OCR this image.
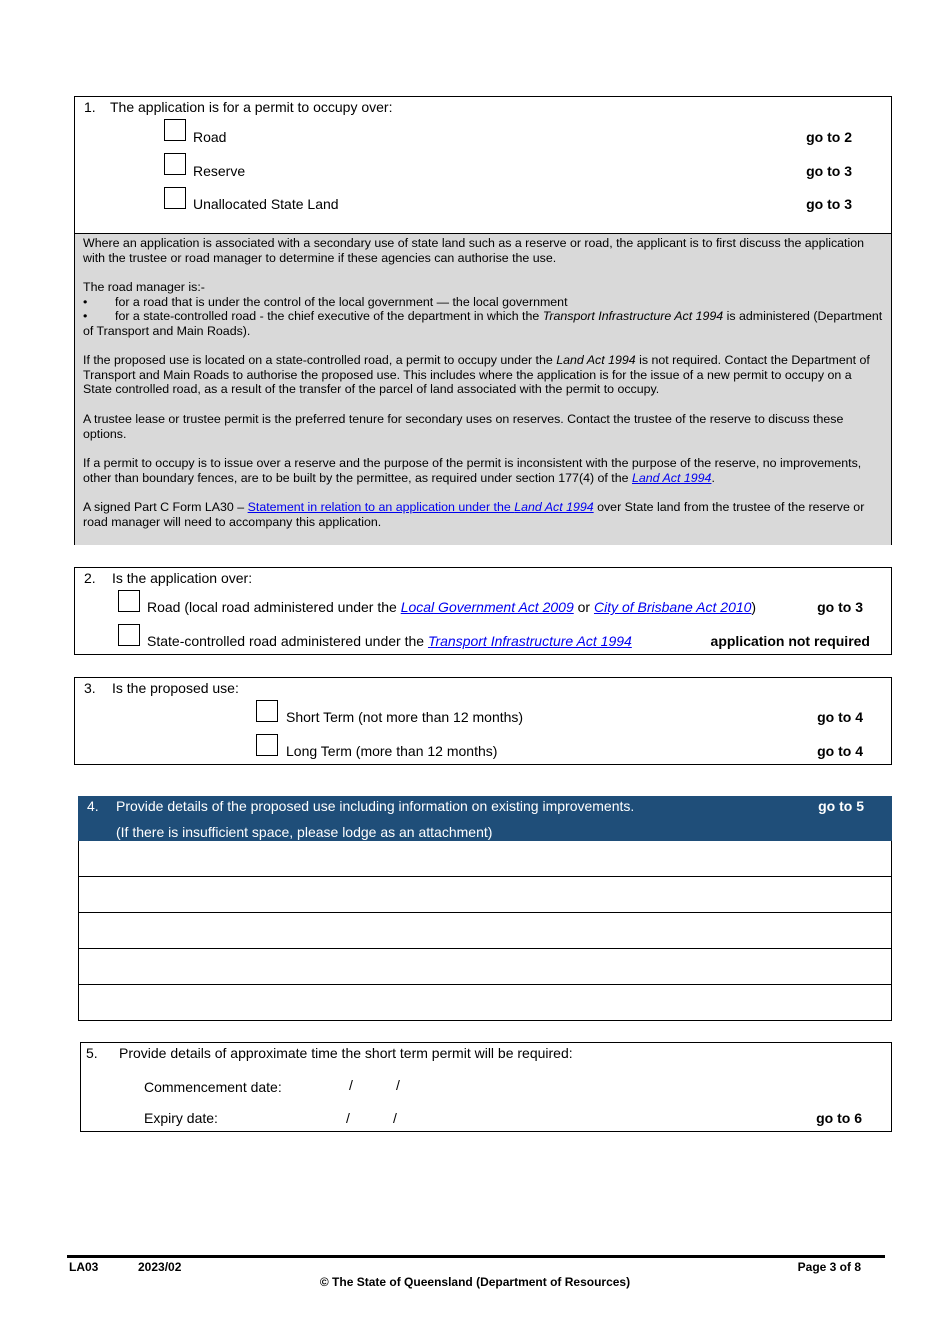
1. The application is for a permit to occupy over:
Road	go to 2
Reserve	go to 3
Unallocated State Land	go to 3
Where an application is associated with a secondary use of state land such as a reserve or road, the applicant is to first discuss the application with the trustee or road manager to determine if these agencies can authorise the use.
The road manager is:-
• for a road that is under the control of the local government — the local government
•	for a state-controlled road - the chief executive of the department in which the Transport Infrastructure Act 1994 is administered (Department of Transport and Main Roads).
If the proposed use is located on a state-controlled road, a permit to occupy under the Land Act 1994 is not required. Contact the Department of Transport and Main Roads to authorise the proposed use. This includes where the application is for the issue of a new permit to occupy on a State controlled road, as a result of the transfer of the parcel of land associated with the permit to occupy.
A trustee lease or trustee permit is the preferred tenure for secondary uses on reserves. Contact the trustee of the reserve to discuss these options.
If a permit to occupy is to issue over a reserve and the purpose of the permit is inconsistent with the purpose of the reserve, no improvements, other than boundary fences, are to be built by the permittee, as required under section 177(4) of the Land Act 1994.
A signed Part C Form LA30 – Statement in relation to an application under the Land Act 1994 over State land from the trustee of the reserve or road manager will need to accompany this application.
2. Is the application over:
Road (local road administered under the Local Government Act 2009 or City of Brisbane Act 2010)	go to 3
State-controlled road administered under the Transport Infrastructure Act 1994	application not required
3. Is the proposed use:
Short Term (not more than 12 months)	go to 4
Long Term (more than 12 months)	go to 4
4. Provide details of the proposed use including information on existing improvements.	go to 5
(If there is insufficient space, please lodge as an attachment)
5. Provide details of approximate time the short term permit will be required:
Commencement date:	/	/
Expiry date:	/	/	go to 6
LA03	2023/02	Page 3 of 8
© The State of Queensland (Department of Resources)
